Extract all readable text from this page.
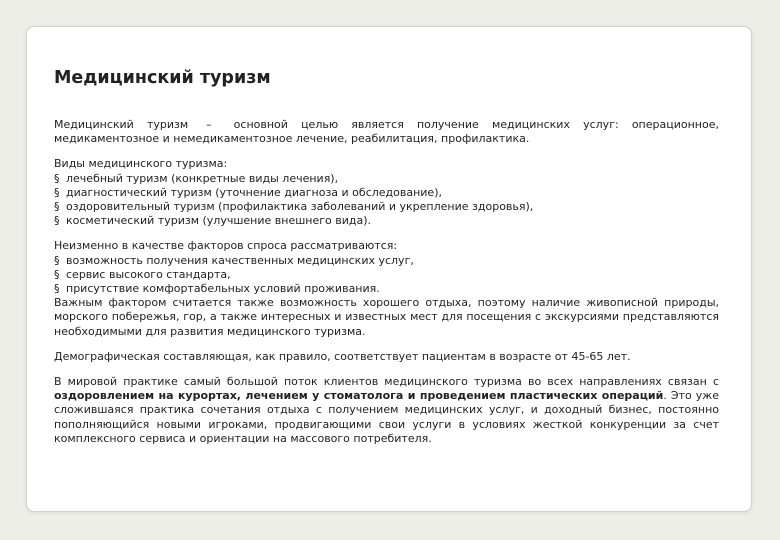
Медицинский туризм

Медицинский туризм – основной целью является получение медицинских услуг: операционное, медикаментозное и немедикаментозное лечение, реабилитация, профилактика.

Виды медицинского туризма:
§ лечебный туризм (конкретные виды лечения),
§ диагностический туризм (уточнение диагноза и обследование),
§ оздоровительный туризм (профилактика заболеваний и укрепление здоровья),
§ косметический туризм (улучшение внешнего вида).
Неизменно в качестве факторов спроса рассматриваются:
§ возможность получения качественных медицинских услуг,
§ сервис высокого стандарта,
§ присутствие комфортабельных условий проживания.
Важным фактором считается также возможность хорошего отдыха, поэтому наличие живописной природы, морского побережья, гор, а также интересных и известных мест для посещения с экскурсиями представляются необходимыми для развития медицинского туризма.

Демографическая составляющая, как правило, соответствует пациентам в возрасте от 45-65 лет.

В мировой практике самый большой поток клиентов медицинского туризма во всех направлениях связан с оздоровлением на курортах, лечением у стоматолога и проведением пластических операций. Это уже сложившаяся практика сочетания отдыха с получением медицинских услуг, и доходный бизнес, постоянно пополняющийся новыми игроками, продвигающими свои услуги в условиях жесткой конкуренции за счет комплексного сервиса и ориентации на массового потребителя.
